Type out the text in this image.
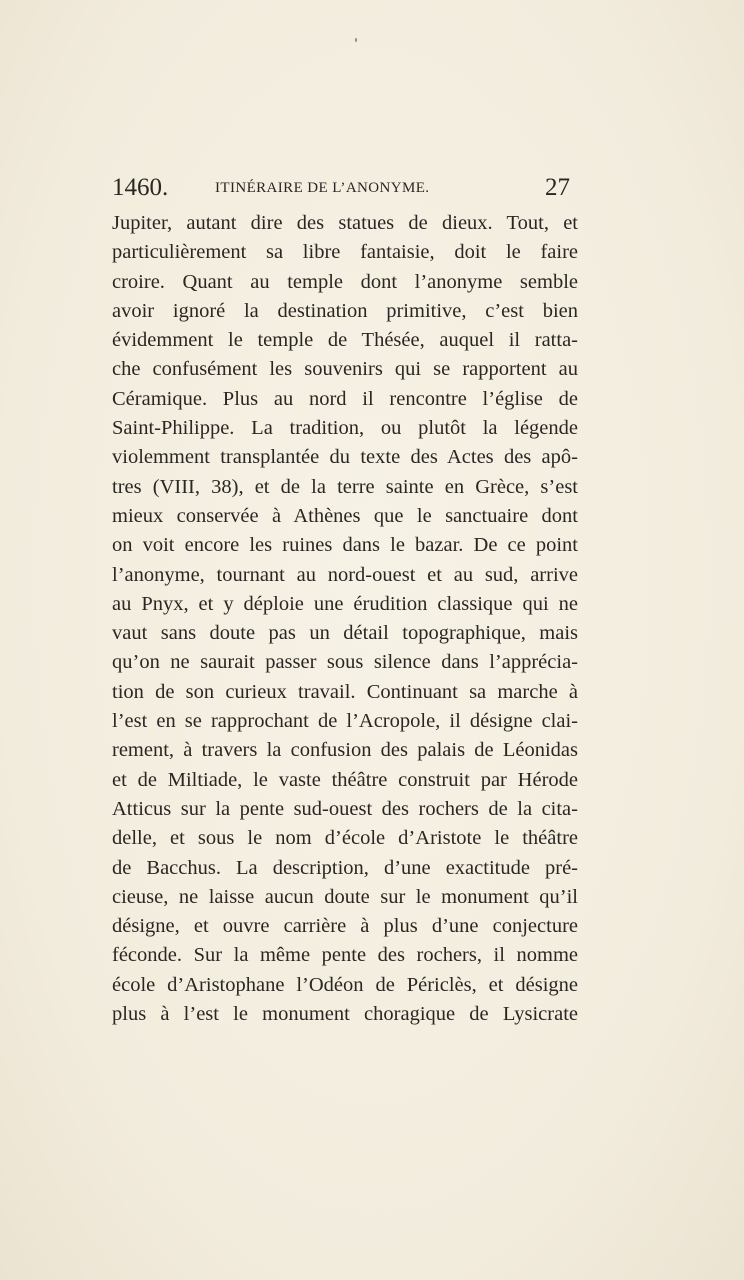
1460.	ITINÉRAIRE DE L’ANONYME.	27
Jupiter, autant dire des statues de dieux. Tout, et
particulièrement sa libre fantaisie, doit le faire
croire. Quant au temple dont l’anonyme semble
avoir ignoré la destination primitive, c’est bien
évidemment le temple de Thésée, auquel il ratta-
che confusément les souvenirs qui se rapportent au
Céramique. Plus au nord il rencontre l’église de
Saint-Philippe. La tradition, ou plutôt la légende
violemment transplantée du texte des Actes des apô-
tres (VIII, 38), et de la terre sainte en Grèce, s’est
mieux conservée à Athènes que le sanctuaire dont
on voit encore les ruines dans le bazar. De ce point
l’anonyme, tournant au nord-ouest et au sud, arrive
au Pnyx, et y déploie une érudition classique qui ne
vaut sans doute pas un détail topographique, mais
qu’on ne saurait passer sous silence dans l’apprécia-
tion de son curieux travail. Continuant sa marche à
l’est en se rapprochant de l’Acropole, il désigne clai-
rement, à travers la confusion des palais de Léonidas
et de Miltiade, le vaste théâtre construit par Hérode
Atticus sur la pente sud-ouest des rochers de la cita-
delle, et sous le nom d’école d’Aristote le théâtre
de Bacchus. La description, d’une exactitude pré-
cieuse, ne laisse aucun doute sur le monument qu’il
désigne, et ouvre carrière à plus d’une conjecture
féconde. Sur la même pente des rochers, il nomme
école d’Aristophane l’Odéon de Périclès, et désigne
plus à l’est le monument choragique de Lysicrate
